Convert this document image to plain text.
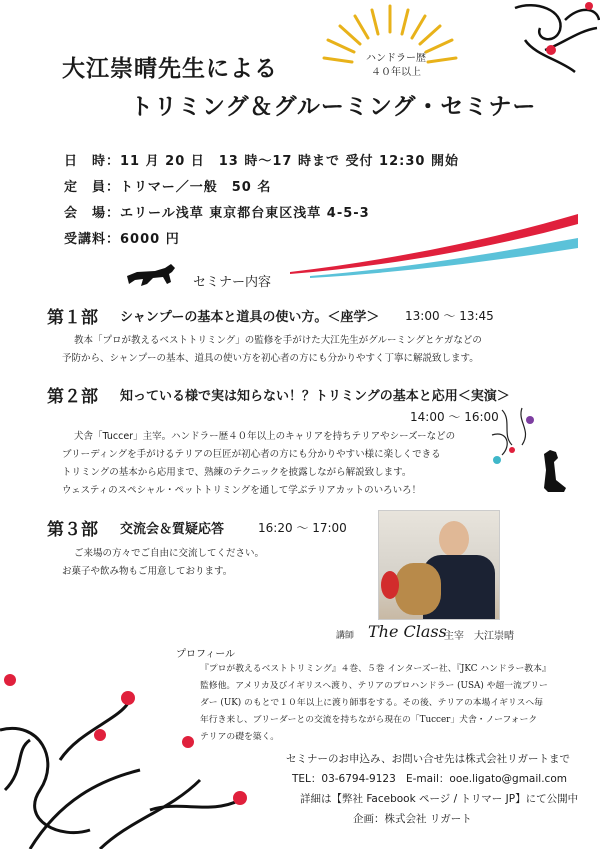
大江崇晴先生による
トリミング＆グルーミング・セミナー
ハンドラー歴
４０年以上
日　時：11 月 20 日　13 時～17 時まで 受付 12:30 開始
定　員：トリマー／一般　50 名
会　場：エリール浅草 東京都台東区浅草 4-5-3
受講料：6000 円
セミナー内容
第１部 シャンプーの基本と道具の使い方。＜座学＞ 13:00 ～ 13:45
教本「プロが教えるベストトリミング」の監修を手がけた大江先生がグルーミングとケガなどの
予防から、シャンプーの基本、道具の使い方を初心者の方にも分かりやすく丁寧に解説致します。
第２部 知っている様で実は知らない！？トリミングの基本と応用＜実演＞
14:00 ～ 16:00
犬舎「Tuccer」主宰。ハンドラー歴４０年以上のキャリアを持ちテリアやシーズーなどの
ブリーディングを手がけるテリアの巨匠が初心者の方にも分かりやすい様に楽しくできる
トリミングの基本から応用まで、熟練のテクニックを披露しながら解説致します。
ウェスティのスペシャル・ペットトリミングを通して学ぶテリアカットのいろいろ！
第３部 交流会＆質疑応答	16:20 ～ 17:00
ご来場の方々でご自由に交流してください。
お菓子や飲み物もご用意しております。
講師 The Class
主宰　大江崇晴
プロフィール
『プロが教えるベストトリミング』４巻、５巻 インターズー社、『JKC ハンドラー教本』
監修他。アメリカ及びイギリスへ渡り、テリアのプロハンドラー (USA) や超一流ブリー
ダー (UK) のもとで１０年以上に渡り師事をする。その後、テリアの本場イギリスへ毎
年行き来し、ブリーダーとの交流を持ちながら現在の「Tuccer」犬舎・ノーフォーク
テリアの礎を築く。
セミナーのお申込み、お問い合せ先は株式会社リガートまで
TEL：03-6794-9123 E-mail：ooe.ligato@gmail.com
詳細は【弊社 Facebook ページ / トリマー JP】にて公開中
企画：株式会社 リガート
